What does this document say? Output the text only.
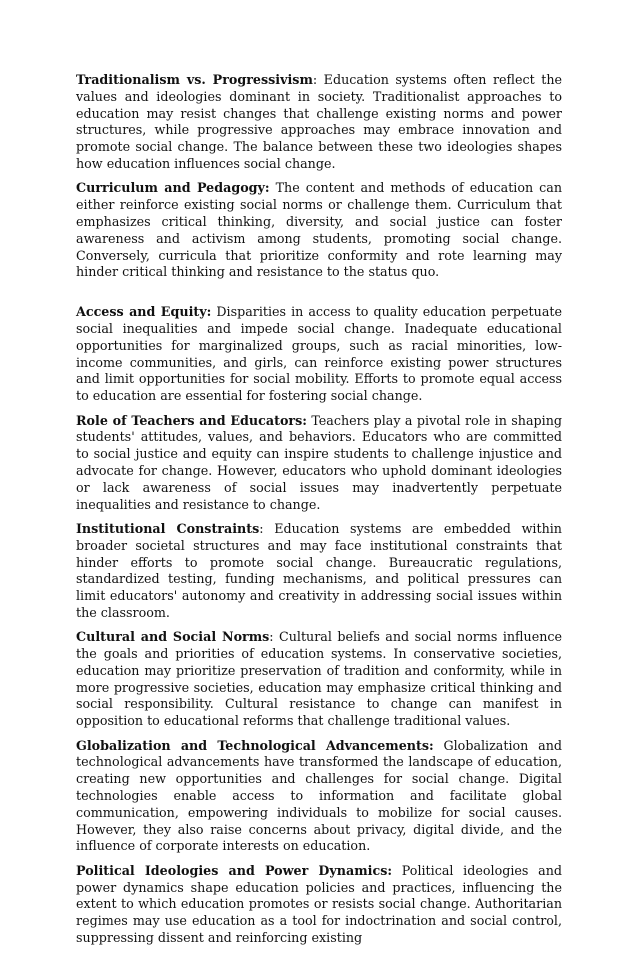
Traditionalism vs. Progressivism: Education systems often reflect the values and ideologies dominant in society. Traditionalist approaches to education may resist changes that challenge existing norms and power structures, while progressive approaches may embrace innovation and promote social change. The balance between these two ideologies shapes how education influences social change.

Curriculum and Pedagogy: The content and methods of education can either reinforce existing social norms or challenge them. Curriculum that emphasizes critical thinking, diversity, and social justice can foster awareness and activism among students, promoting social change. Conversely, curricula that prioritize conformity and rote learning may hinder critical thinking and resistance to the status quo.

Access and Equity: Disparities in access to quality education perpetuate social inequalities and impede social change. Inadequate educational opportunities for marginalized groups, such as racial minorities, low-income communities, and girls, can reinforce existing power structures and limit opportunities for social mobility. Efforts to promote equal access to education are essential for fostering social change.

Role of Teachers and Educators: Teachers play a pivotal role in shaping students' attitudes, values, and behaviors. Educators who are committed to social justice and equity can inspire students to challenge injustice and advocate for change. However, educators who uphold dominant ideologies or lack awareness of social issues may inadvertently perpetuate inequalities and resistance to change.

Institutional Constraints: Education systems are embedded within broader societal structures and may face institutional constraints that hinder efforts to promote social change. Bureaucratic regulations, standardized testing, funding mechanisms, and political pressures can limit educators' autonomy and creativity in addressing social issues within the classroom.

Cultural and Social Norms: Cultural beliefs and social norms influence the goals and priorities of education systems. In conservative societies, education may prioritize preservation of tradition and conformity, while in more progressive societies, education may emphasize critical thinking and social responsibility. Cultural resistance to change can manifest in opposition to educational reforms that challenge traditional values.

Globalization and Technological Advancements: Globalization and technological advancements have transformed the landscape of education, creating new opportunities and challenges for social change. Digital technologies enable access to information and facilitate global communication, empowering individuals to mobilize for social causes. However, they also raise concerns about privacy, digital divide, and the influence of corporate interests on education.

Political Ideologies and Power Dynamics: Political ideologies and power dynamics shape education policies and practices, influencing the extent to which education promotes or resists social change. Authoritarian regimes may use education as a tool for indoctrination and social control, suppressing dissent and reinforcing existing
